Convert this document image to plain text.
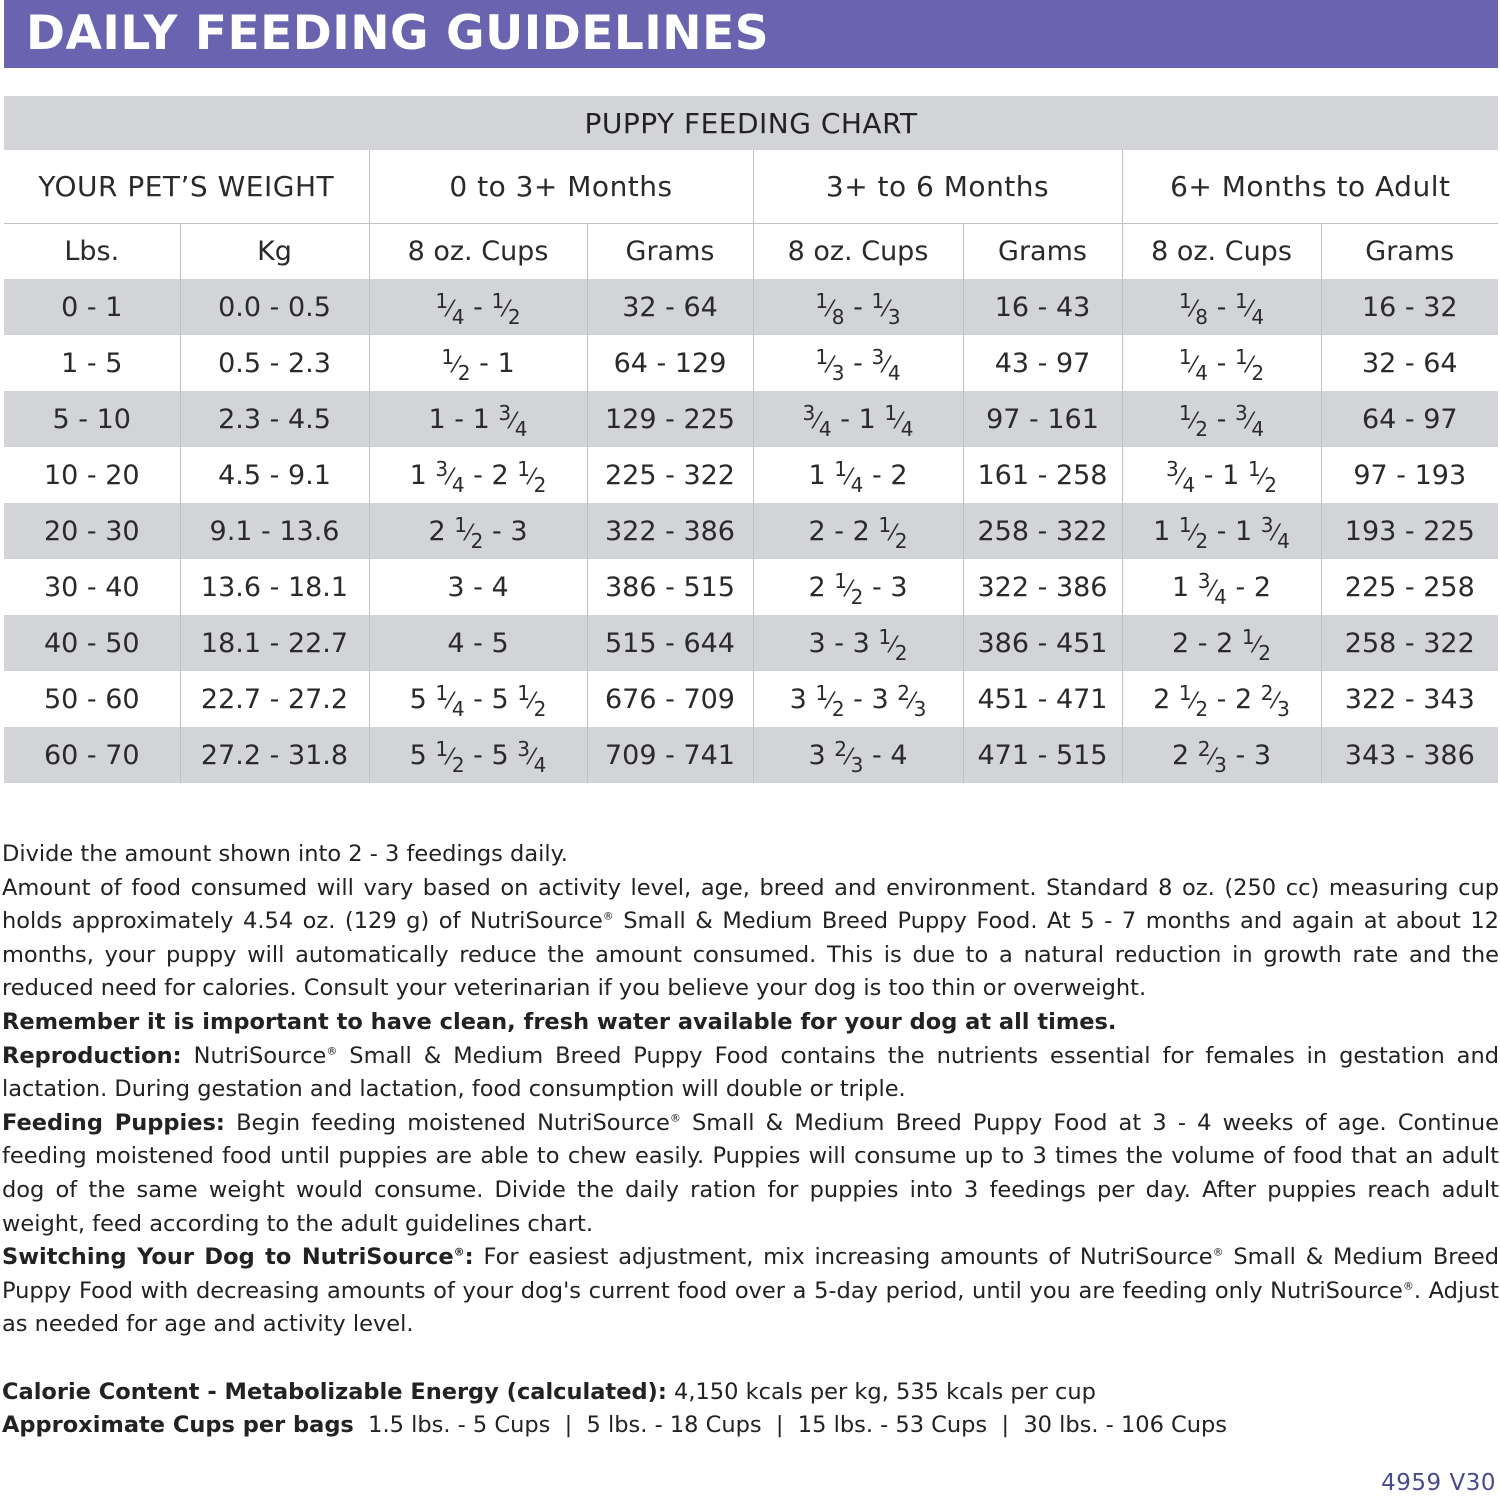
DAILY FEEDING GUIDELINES
PUPPY FEEDING CHART							
YOUR PET’S WEIGHT		0 to 3+ Months		3+ to 6 Months		6+ Months to Adult	
Lbs.	Kg	8 oz. Cups	Grams	8 oz. Cups	Grams	8 oz. Cups	Grams
0 - 1	0.0 - 0.5	1⁄4 - 1⁄2	32 - 64	1⁄8 - 1⁄3	16 - 43	1⁄8 - 1⁄4	16 - 32
1 - 5	0.5 - 2.3	1⁄2 - 1	64 - 129	1⁄3 - 3⁄4	43 - 97	1⁄4 - 1⁄2	32 - 64
5 - 10	2.3 - 4.5	1 - 1 3⁄4	129 - 225	3⁄4 - 1 1⁄4	97 - 161	1⁄2 - 3⁄4	64 - 97
10 - 20	4.5 - 9.1	1 3⁄4 - 2 1⁄2	225 - 322	1 1⁄4 - 2	161 - 258	3⁄4 - 1 1⁄2	97 - 193
20 - 30	9.1 - 13.6	2 1⁄2 - 3	322 - 386	2 - 2 1⁄2	258 - 322	1 1⁄2 - 1 3⁄4	193 - 225
30 - 40	13.6 - 18.1	3 - 4	386 - 515	2 1⁄2 - 3	322 - 386	1 3⁄4 - 2	225 - 258
40 - 50	18.1 - 22.7	4 - 5	515 - 644	3 - 3 1⁄2	386 - 451	2 - 2 1⁄2	258 - 322
50 - 60	22.7 - 27.2	5 1⁄4 - 5 1⁄2	676 - 709	3 1⁄2 - 3 2⁄3	451 - 471	2 1⁄2 - 2 2⁄3	322 - 343
60 - 70	27.2 - 31.8	5 1⁄2 - 5 3⁄4	709 - 741	3 2⁄3 - 4	471 - 515	2 2⁄3 - 3	343 - 386

Divide the amount shown into 2 - 3 feedings daily.

Amount of food consumed will vary based on activity level, age, breed and environment. Standard 8 oz. (250 cc) measuring cup holds approximately 4.54 oz. (129 g) of NutriSource® Small & Medium Breed Puppy Food. At 5 - 7 months and again at about 12 months, your puppy will automatically reduce the amount consumed. This is due to a natural reduction in growth rate and the reduced need for calories. Consult your veterinarian if you believe your dog is too thin or overweight.

Remember it is important to have clean, fresh water available for your dog at all times.

Reproduction: NutriSource® Small & Medium Breed Puppy Food contains the nutrients essential for females in gestation and lactation. During gestation and lactation, food consumption will double or triple.

Feeding Puppies: Begin feeding moistened NutriSource® Small & Medium Breed Puppy Food at 3 - 4 weeks of age. Continue feeding moistened food until puppies are able to chew easily. Puppies will consume up to 3 times the volume of food that an adult dog of the same weight would consume. Divide the daily ration for puppies into 3 feedings per day. After puppies reach adult weight, feed according to the adult guidelines chart.

Switching Your Dog to NutriSource®: For easiest adjustment, mix increasing amounts of NutriSource® Small & Medium Breed Puppy Food with decreasing amounts of your dog's current food over a 5-day period, until you are feeding only NutriSource®. Adjust as needed for age and activity level.

Calorie Content - Metabolizable Energy (calculated): 4,150 kcals per kg, 535 kcals per cup

Approximate Cups per bags 1.5 lbs. - 5 Cups  |  5 lbs. - 18 Cups  |  15 lbs. - 53 Cups  |  30 lbs. - 106 Cups

4959 V30
